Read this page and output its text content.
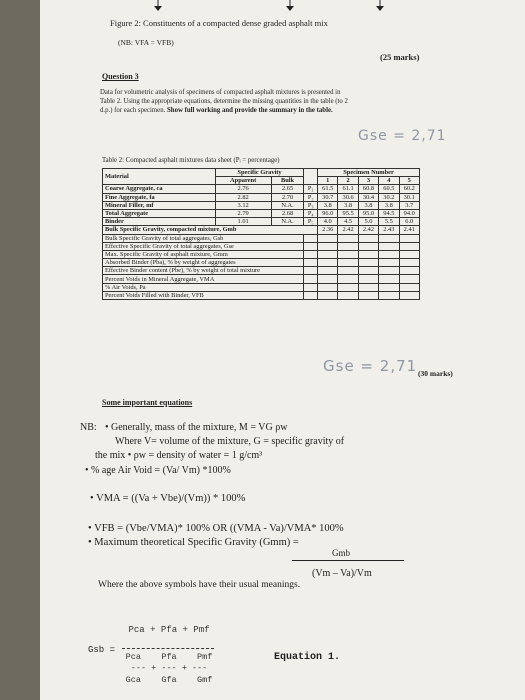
Figure 2: Constituents of a compacted dense graded asphalt mix
(NB: VFA = VFB)
(25 marks)
Question 3
Data for volumetric analysis of specimens of compacted asphalt mixtures is presented in
Table 2. Using the appropriate equations, determine the missing quantities in the table (to 2
d.p.) for each specimen. Show full working and provide the summary in the table.
Gse = 2,71
Table 2: Compacted asphalt mixtures data sheet (Pᵢ = percentage)
Material	Specific Gravity			Specimen Number				
	Apparent	Bulk		1	2	3	4	5
Coarse Aggregate, ca	2.76	2.65	P₁	61.5	61.1	60.8	60.5	60.2
Fine Aggregate, fa	2.82	2.70	P₂	30.7	30.6	30.4	30.2	30.1
Mineral Filler, mf	3.12	N.A.	P₃	3.8	3.8	3.8	3.8	3.7
Total Aggregate	2.79	2.68	P₄	96.0	95.5	95.0	94.5	94.0
Binder	1.01	N.A.	P₅	4.0	4.5	5.0	5.5	6.0
Bulk Specific Gravity, compacted mixture, Gmb				2.36	2.42	2.42	2.43	2.41
Bulk Specific Gravity of total aggregates, Gsb								
Effective Specific Gravity of total aggregates, Gse								
Max. Specific Gravity of asphalt mixture, Gmm								
Absorbed Binder (Pba), % by weight of aggregates								
Effective Binder content (Pbe), % by weight of total mixture								
Percent Voids in Mineral Aggregate, VMA								
% Air Voids, Pa								
Percent Voids Filled with Binder, VFB								
Gse = 2,71 (30 marks)
Some important equations
NB: • Generally, mass of the mixture, M = VG ρw
Where V= volume of the mixture, G = specific gravity of
the mix • ρw = density of water = 1 g/cm³
• % age Air Void = (Va/ Vm) *100%
• VMA = ((Va + Vbe)/(Vm)) * 100%
• VFB = (Vbe/VMA)* 100% OR ((VMA - Va)/VMA* 100%
• Maximum theoretical Specific Gravity (Gmm) =
Gmb
(Vm – Va)/Vm
Where the above symbols have their usual meanings.
Gsb =
Pca + Pfa + Pmf
Pca    Pfa    Pmf
--- + --- + ---
Gca    Gfa    Gmf
Equation 1.
